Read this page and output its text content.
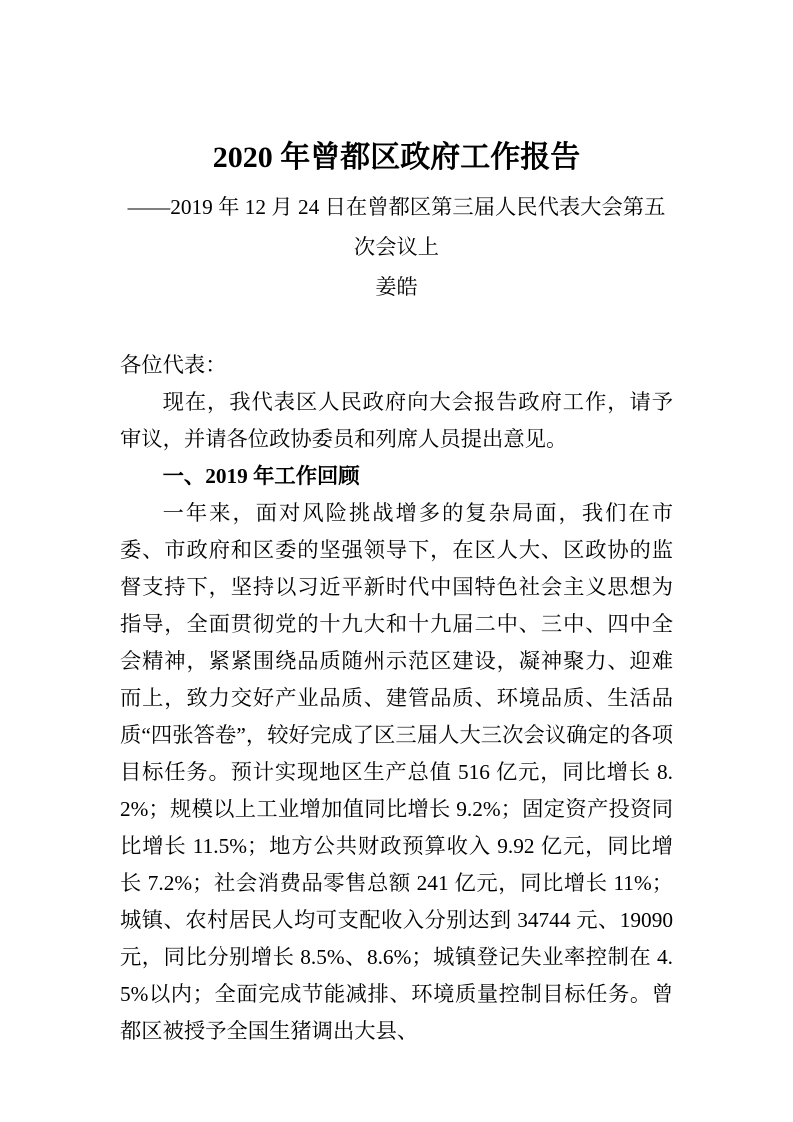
2020 年曾都区政府工作报告

——2019 年 12 月 24 日在曾都区第三届人民代表大会第五次会议上

姜皓

各位代表：

现在，我代表区人民政府向大会报告政府工作，请予审议，并请各位政协委员和列席人员提出意见。

一、2019 年工作回顾

一年来，面对风险挑战增多的复杂局面，我们在市委、市政府和区委的坚强领导下，在区人大、区政协的监督支持下，坚持以习近平新时代中国特色社会主义思想为指导，全面贯彻党的十九大和十九届二中、三中、四中全会精神，紧紧围绕品质随州示范区建设，凝神聚力、迎难而上，致力交好产业品质、建管品质、环境品质、生活品质“四张答卷”，较好完成了区三届人大三次会议确定的各项目标任务。预计实现地区生产总值 516 亿元，同比增长 8.2%；规模以上工业增加值同比增长 9.2%；固定资产投资同比增长 11.5%；地方公共财政预算收入 9.92 亿元，同比增长 7.2%；社会消费品零售总额 241 亿元，同比增长 11%；城镇、农村居民人均可支配收入分别达到 34744 元、19090 元，同比分别增长 8.5%、8.6%；城镇登记失业率控制在 4.5%以内；全面完成节能减排、环境质量控制目标任务。曾都区被授予全国生猪调出大县、
